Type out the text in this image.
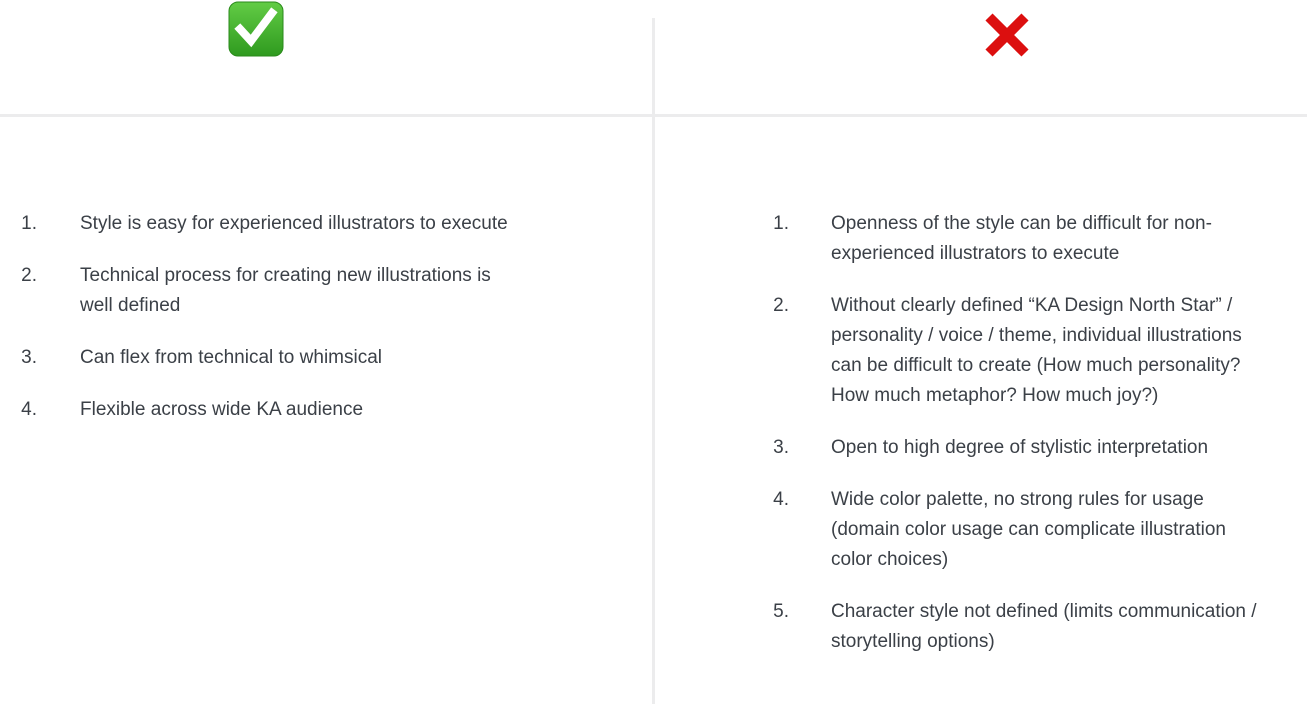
1. Style is easy for experienced illustrators to execute
2. Technical process for creating new illustrations is well defined
3. Can flex from technical to whimsical
4. Flexible across wide KA audience
1. Openness of the style can be difficult for non-experienced illustrators to execute
2. Without clearly defined “KA Design North Star” / personality / voice / theme, individual illustrations can be difficult to create (How much personality? How much metaphor? How much joy?)
3. Open to high degree of stylistic interpretation
4. Wide color palette, no strong rules for usage (domain color usage can complicate illustration color choices)
5. Character style not defined (limits communication / storytelling options)
